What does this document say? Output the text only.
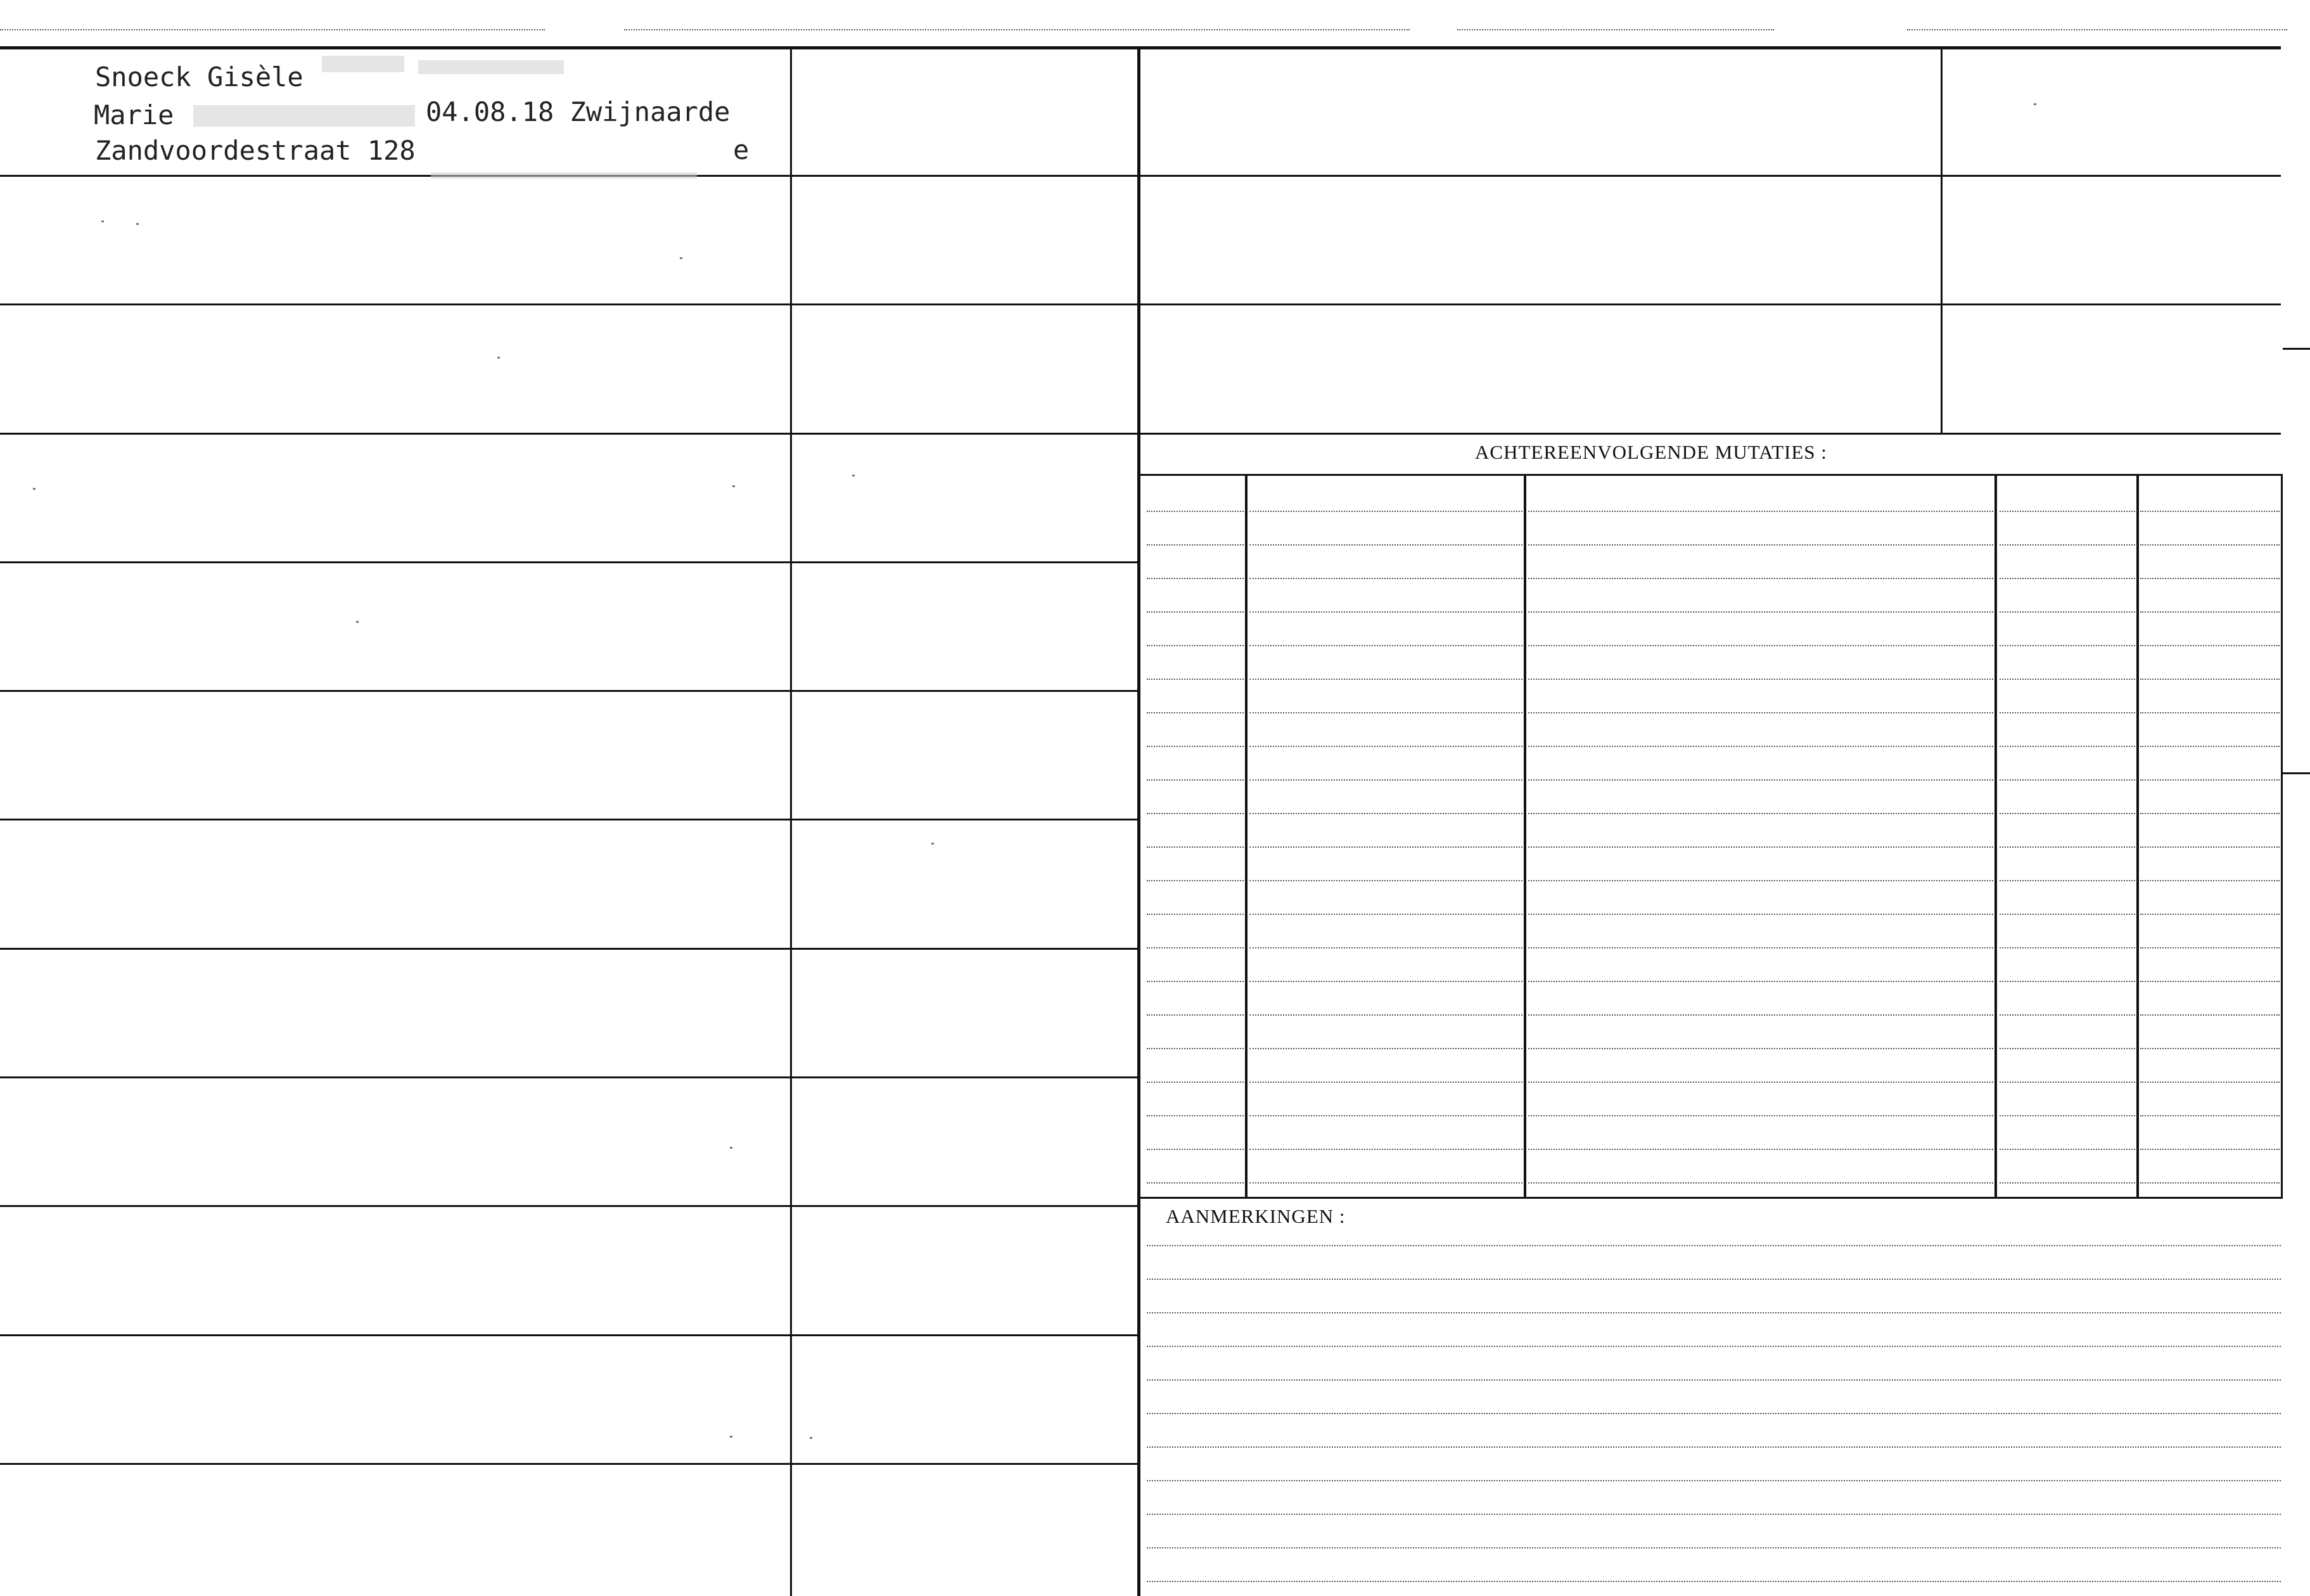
ACHTEREENVOLGENDE MUTATIES :
AANMERKINGEN :
Snoeck Gisèle
Marie	04.08.18 Zwijnaarde
Zandvoordestraat 128	e
